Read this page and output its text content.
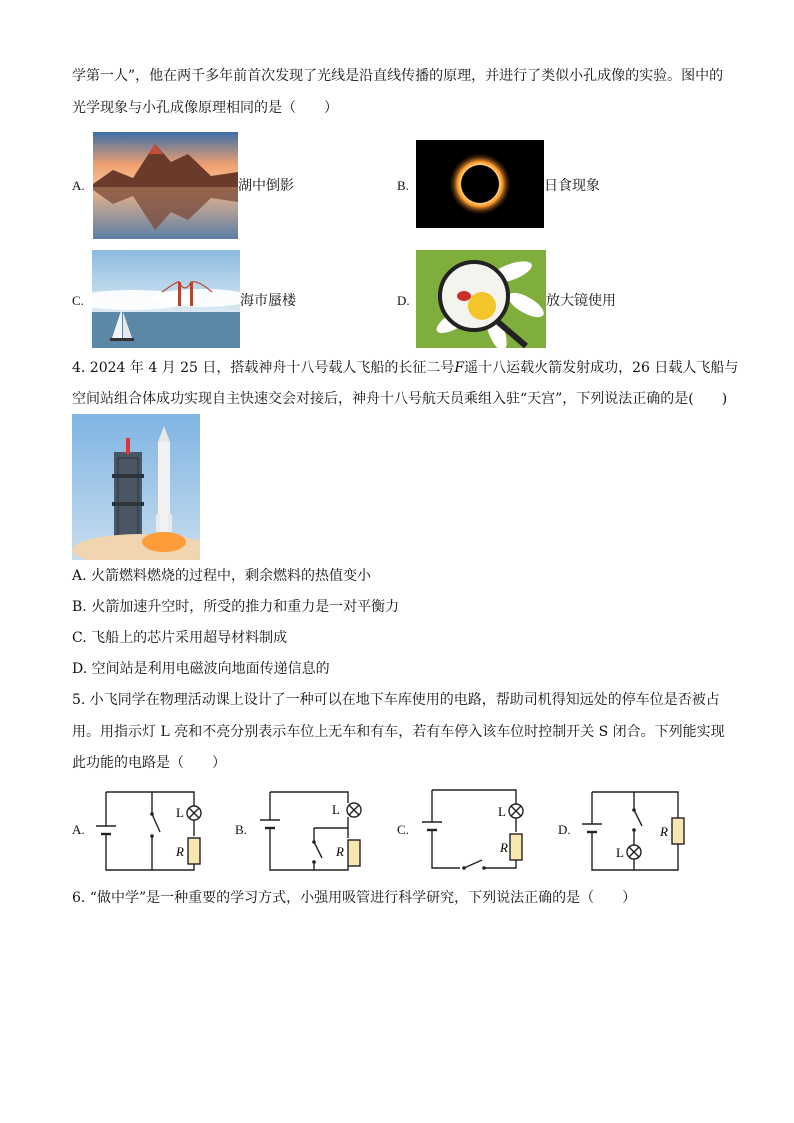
学第一人”，他在两千多年前首次发现了光线是沿直线传播的原理，并进行了类似小孔成像的实验。图中的
光学现象与小孔成像原理相同的是（　　）
A.	湖中倒影	B.	日食现象
C.	海市蜃楼	D.	放大镜使用
4. 2024 年 4 月 25 日，搭载神舟十八号载人飞船的长征二号F遥十八运载火箭发射成功，26 日载人飞船与
空间站组合体成功实现自主快速交会对接后，神舟十八号航天员乘组入驻“天宫”，下列说法正确的是(　　)
A. 火箭燃料燃烧的过程中，剩余燃料的热值变小
B. 火箭加速升空时，所受的推力和重力是一对平衡力
C. 飞船上的芯片采用超导材料制成
D. 空间站是利用电磁波向地面传递信息的
5. 小飞同学在物理活动课上设计了一种可以在地下车库使用的电路，帮助司机得知远处的停车位是否被占
用。用指示灯 L 亮和不亮分别表示车位上无车和有车，若有车停入该车位时控制开关 S 闭合。下列能实现
此功能的电路是（　　）
A.
L
R
B.
L
R
C.
L
R
D.
L
R
6. “做中学”是一种重要的学习方式，小强用吸管进行科学研究，下列说法正确的是（　　）
